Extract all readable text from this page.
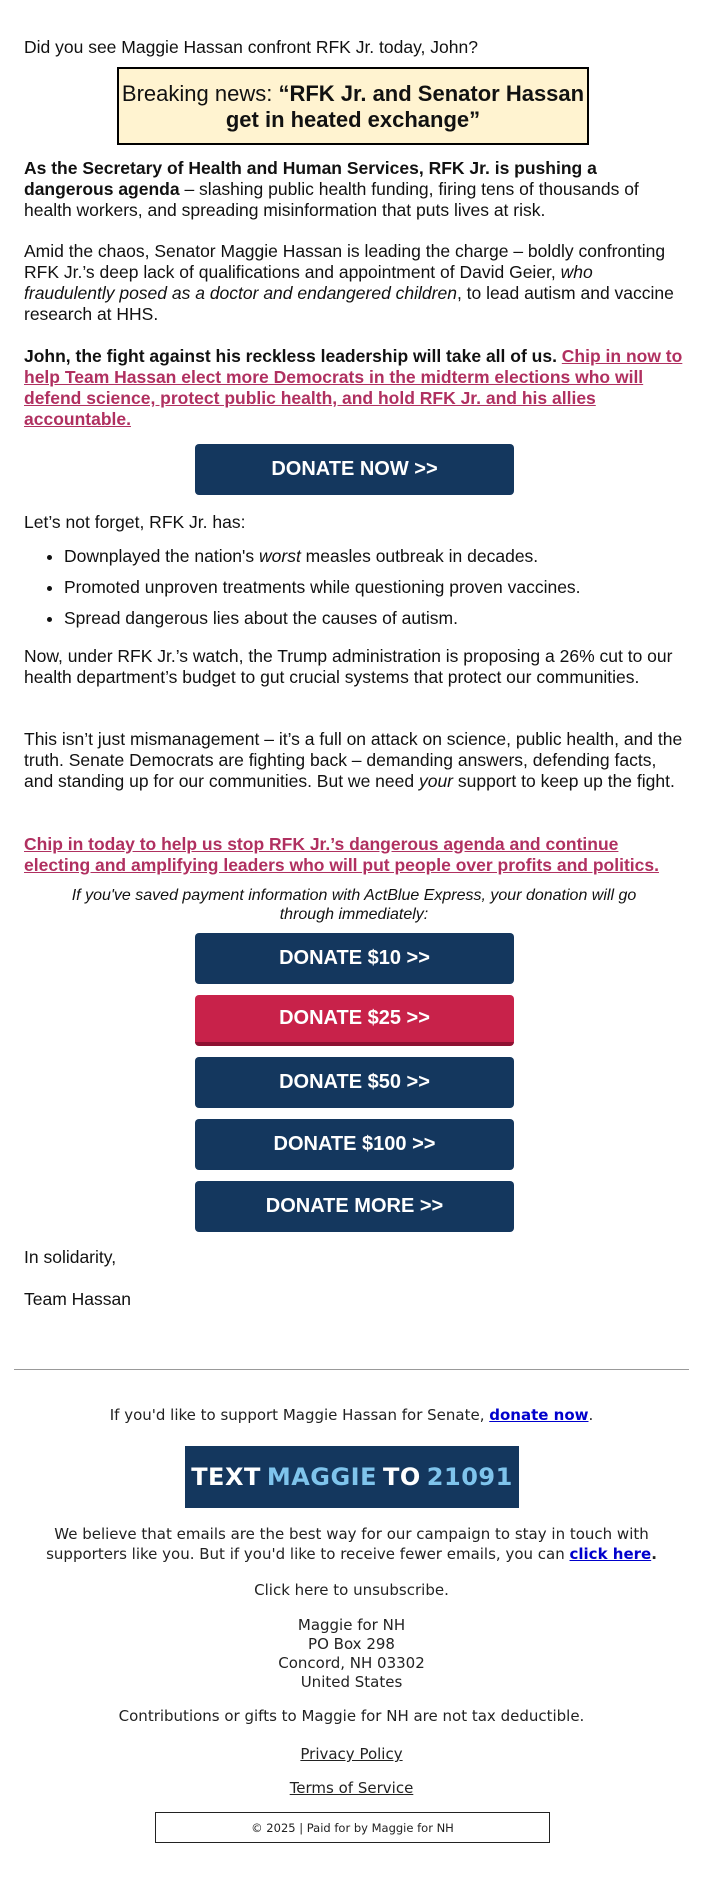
Did you see Maggie Hassan confront RFK Jr. today, John?

Breaking news: “RFK Jr. and Senator Hassan get in heated exchange”

As the Secretary of Health and Human Services, RFK Jr. is pushing a dangerous agenda – slashing public health funding, firing tens of thousands of health workers, and spreading misinformation that puts lives at risk.

Amid the chaos, Senator Maggie Hassan is leading the charge – boldly confronting RFK Jr.’s deep lack of qualifications and appointment of David Geier, who fraudulently posed as a doctor and endangered children, to lead autism and vaccine research at HHS.

John, the fight against his reckless leadership will take all of us. Chip in now to help Team Hassan elect more Democrats in the midterm elections who will defend science, protect public health, and hold RFK Jr. and his allies accountable.

DONATE NOW >>

Let’s not forget, RFK Jr. has:

• Downplayed the nation's worst measles outbreak in decades.
• Promoted unproven treatments while questioning proven vaccines.
• Spread dangerous lies about the causes of autism.

Now, under RFK Jr.’s watch, the Trump administration is proposing a 26% cut to our health department’s budget to gut crucial systems that protect our communities.

This isn’t just mismanagement – it’s a full on attack on science, public health, and the truth. Senate Democrats are fighting back – demanding answers, defending facts, and standing up for our communities. But we need your support to keep up the fight.

Chip in today to help us stop RFK Jr.’s dangerous agenda and continue electing and amplifying leaders who will put people over profits and politics.

If you've saved payment information with ActBlue Express, your donation will go through immediately:

DONATE $10 >>
DONATE $25 >>
DONATE $50 >>
DONATE $100 >>
DONATE MORE >>

In solidarity,

Team Hassan

If you'd like to support Maggie Hassan for Senate, donate now.
TEXT MAGGIE TO 21091
We believe that emails are the best way for our campaign to stay in touch with supporters like you. But if you'd like to receive fewer emails, you can click here.
Click here to unsubscribe.
Maggie for NH
PO Box 298
Concord, NH 03302
United States
Contributions or gifts to Maggie for NH are not tax deductible.
Privacy Policy
Terms of Service
© 2025 | Paid for by Maggie for NH
